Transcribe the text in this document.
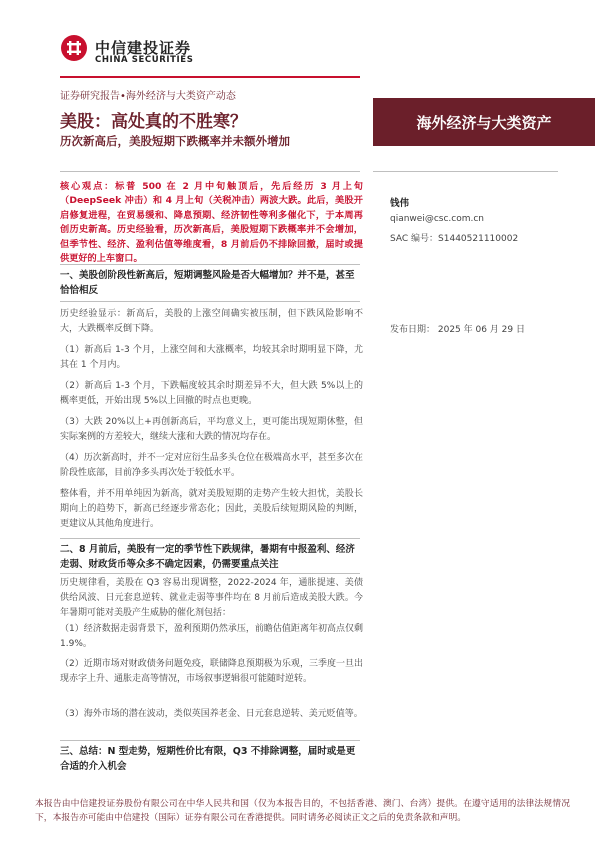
中信建投证券
CHINA SECURITIES
证券研究报告•海外经济与大类资产动态
美股：高处真的不胜寒？
历次新高后，美股短期下跌概率并未额外增加
海外经济与大类资产
核心观点：标普 500 在 2 月中旬触顶后，先后经历 3 月上旬（DeepSeek 冲击）和 4 月上旬（关税冲击）两波大跌。此后，美股开启修复进程，在贸易缓和、降息预期、经济韧性等利多催化下，于本周再创历史新高。历史经验看，历次新高后，美股短期下跌概率并不会增加，但季节性、经济、盈利估值等维度看，8 月前后仍不排除回撤，届时或提供更好的上车窗口。
一、美股创阶段性新高后，短期调整风险是否大幅增加？并不是，甚至恰恰相反
历史经验显示：新高后，美股的上涨空间确实被压制，但下跌风险影响不大，大跌概率反倒下降。
（1）新高后 1-3 个月，上涨空间和大涨概率，均较其余时期明显下降，尤其在 1 个月内。
（2）新高后 1-3 个月，下跌幅度较其余时期差异不大，但大跌 5%以上的概率更低，开始出现 5%以上回撤的时点也更晚。
（3）大跌 20%以上+再创新高后，平均意义上，更可能出现短期休整，但实际案例的方差较大，继续大涨和大跌的情况均存在。
（4）历次新高时，并不一定对应衍生品多头仓位在极端高水平，甚至多次在阶段性底部，目前净多头再次处于较低水平。
整体看，并不用单纯因为新高，就对美股短期的走势产生较大担忧，美股长期向上的趋势下，新高已经逐步常态化；因此，美股后续短期风险的判断，更建议从其他角度进行。
二、8 月前后，美股有一定的季节性下跌规律，暑期有中报盈利、经济走弱、财政货币等众多不确定因素，仍需要重点关注
历史规律看，美股在 Q3 容易出现调整，2022-2024 年，通胀提速、美债供给风波、日元套息逆转、就业走弱等事件均在 8 月前后造成美股大跌。今年暑期可能对美股产生威胁的催化剂包括：
（1）经济数据走弱背景下，盈利预期仍然承压，前瞻估值距离年初高点仅剩 1.9%。
（2）近期市场对财政债务问题免疫，联储降息预期极为乐观，三季度一旦出现赤字上升、通胀走高等情况，市场叙事逻辑很可能随时逆转。
（3）海外市场的潜在波动，类似英国养老金、日元套息逆转、美元贬值等。
三、总结：N 型走势，短期性价比有限，Q3 不排除调整，届时或是更合适的介入机会
钱伟
qianwei@csc.com.cn
SAC 编号：S1440521110002
发布日期： 2025 年 06 月 29 日
本报告由中信建投证券股份有限公司在中华人民共和国（仅为本报告目的，不包括香港、澳门、台湾）提供。在遵守适用的法律法规情况下，本报告亦可能由中信建投（国际）证券有限公司在香港提供。同时请务必阅读正文之后的免责条款和声明。
